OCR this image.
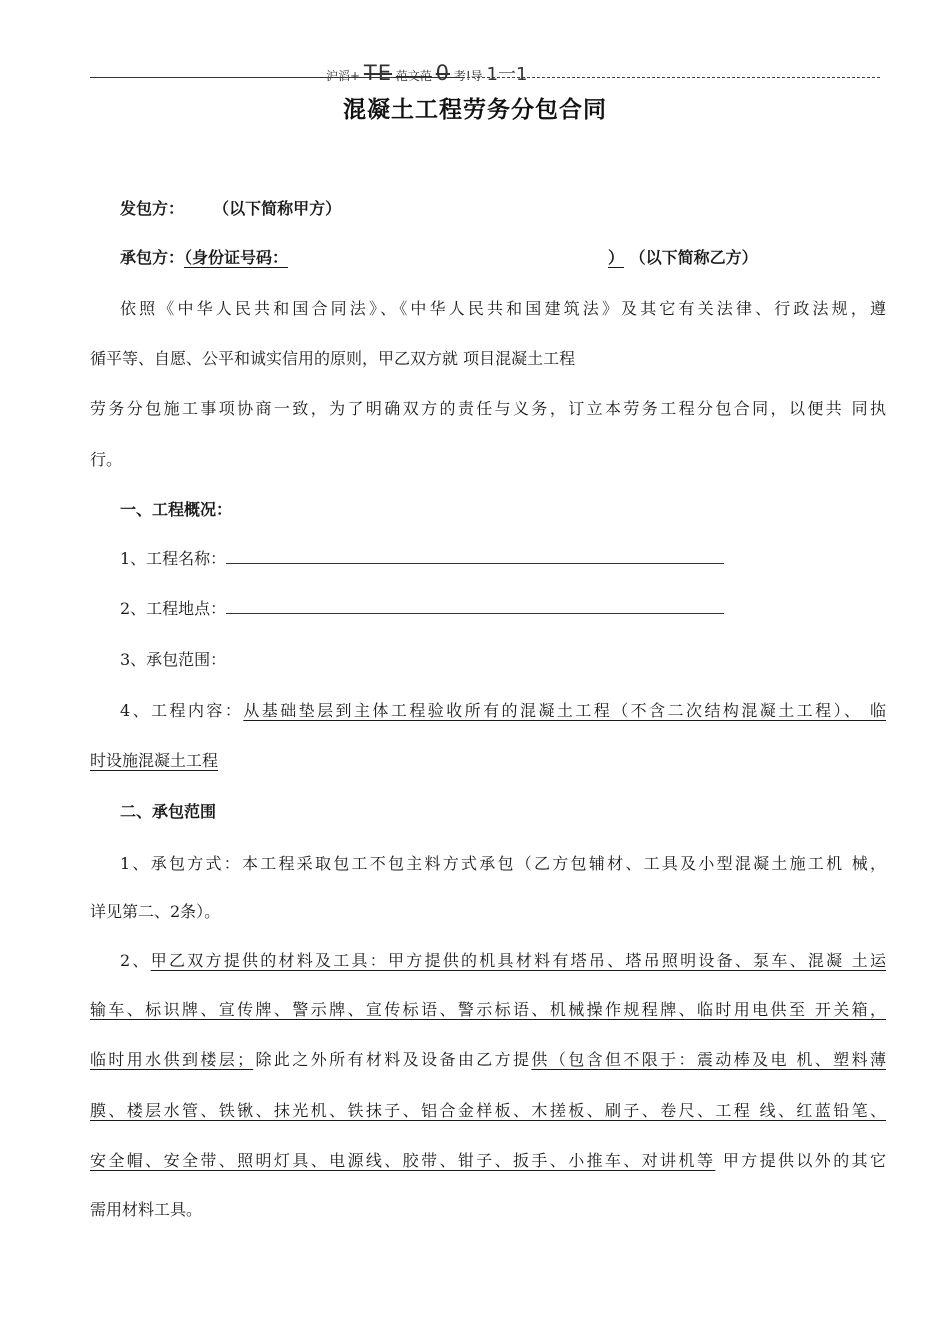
沪滔+ TE 范文范 0 考!导 1一1
混凝土工程劳务分包合同
发包方： （以下简称甲方）
承包方：（身份证号码：	） （以下简称乙方）
依照《中华人民共和国合同法》、《中华人民共和国建筑法》及其它有关法律、行政法规，遵
循平等、自愿、公平和诚实信用的原则，甲乙双方就 项目混凝土工程
劳务分包施工事项协商一致，为了明确双方的责任与义务，订立本劳务工程分包合同，以便共 同执
行。
一、工程概况：
1、工程名称：
2、工程地点：
3、承包范围：
4、工程内容：从基础垫层到主体工程验收所有的混凝土工程（不含二次结构混凝土工程）、 临
时设施混凝土工程
二、承包范围
1、承包方式：本工程采取包工不包主料方式承包（乙方包辅材、工具及小型混凝土施工机 械，
详见第二、2条）。
2、甲乙双方提供的材料及工具：甲方提供的机具材料有塔吊、塔吊照明设备、泵车、混凝 土运
输车、标识牌、宣传牌、警示牌、宣传标语、警示标语、机械操作规程牌、临时用电供至 开关箱，
临时用水供到楼层；除此之外所有材料及设备由乙方提供（包含但不限于：震动棒及电 机、塑料薄
膜、楼层水管、铁锹、抹光机、铁抹子、铝合金样板、木搓板、刷子、卷尺、工程 线、红蓝铅笔、
安全帽、安全带、照明灯具、电源线、胶带、钳子、扳手、小推车、对讲机等 甲方提供以外的其它
需用材料工具。
